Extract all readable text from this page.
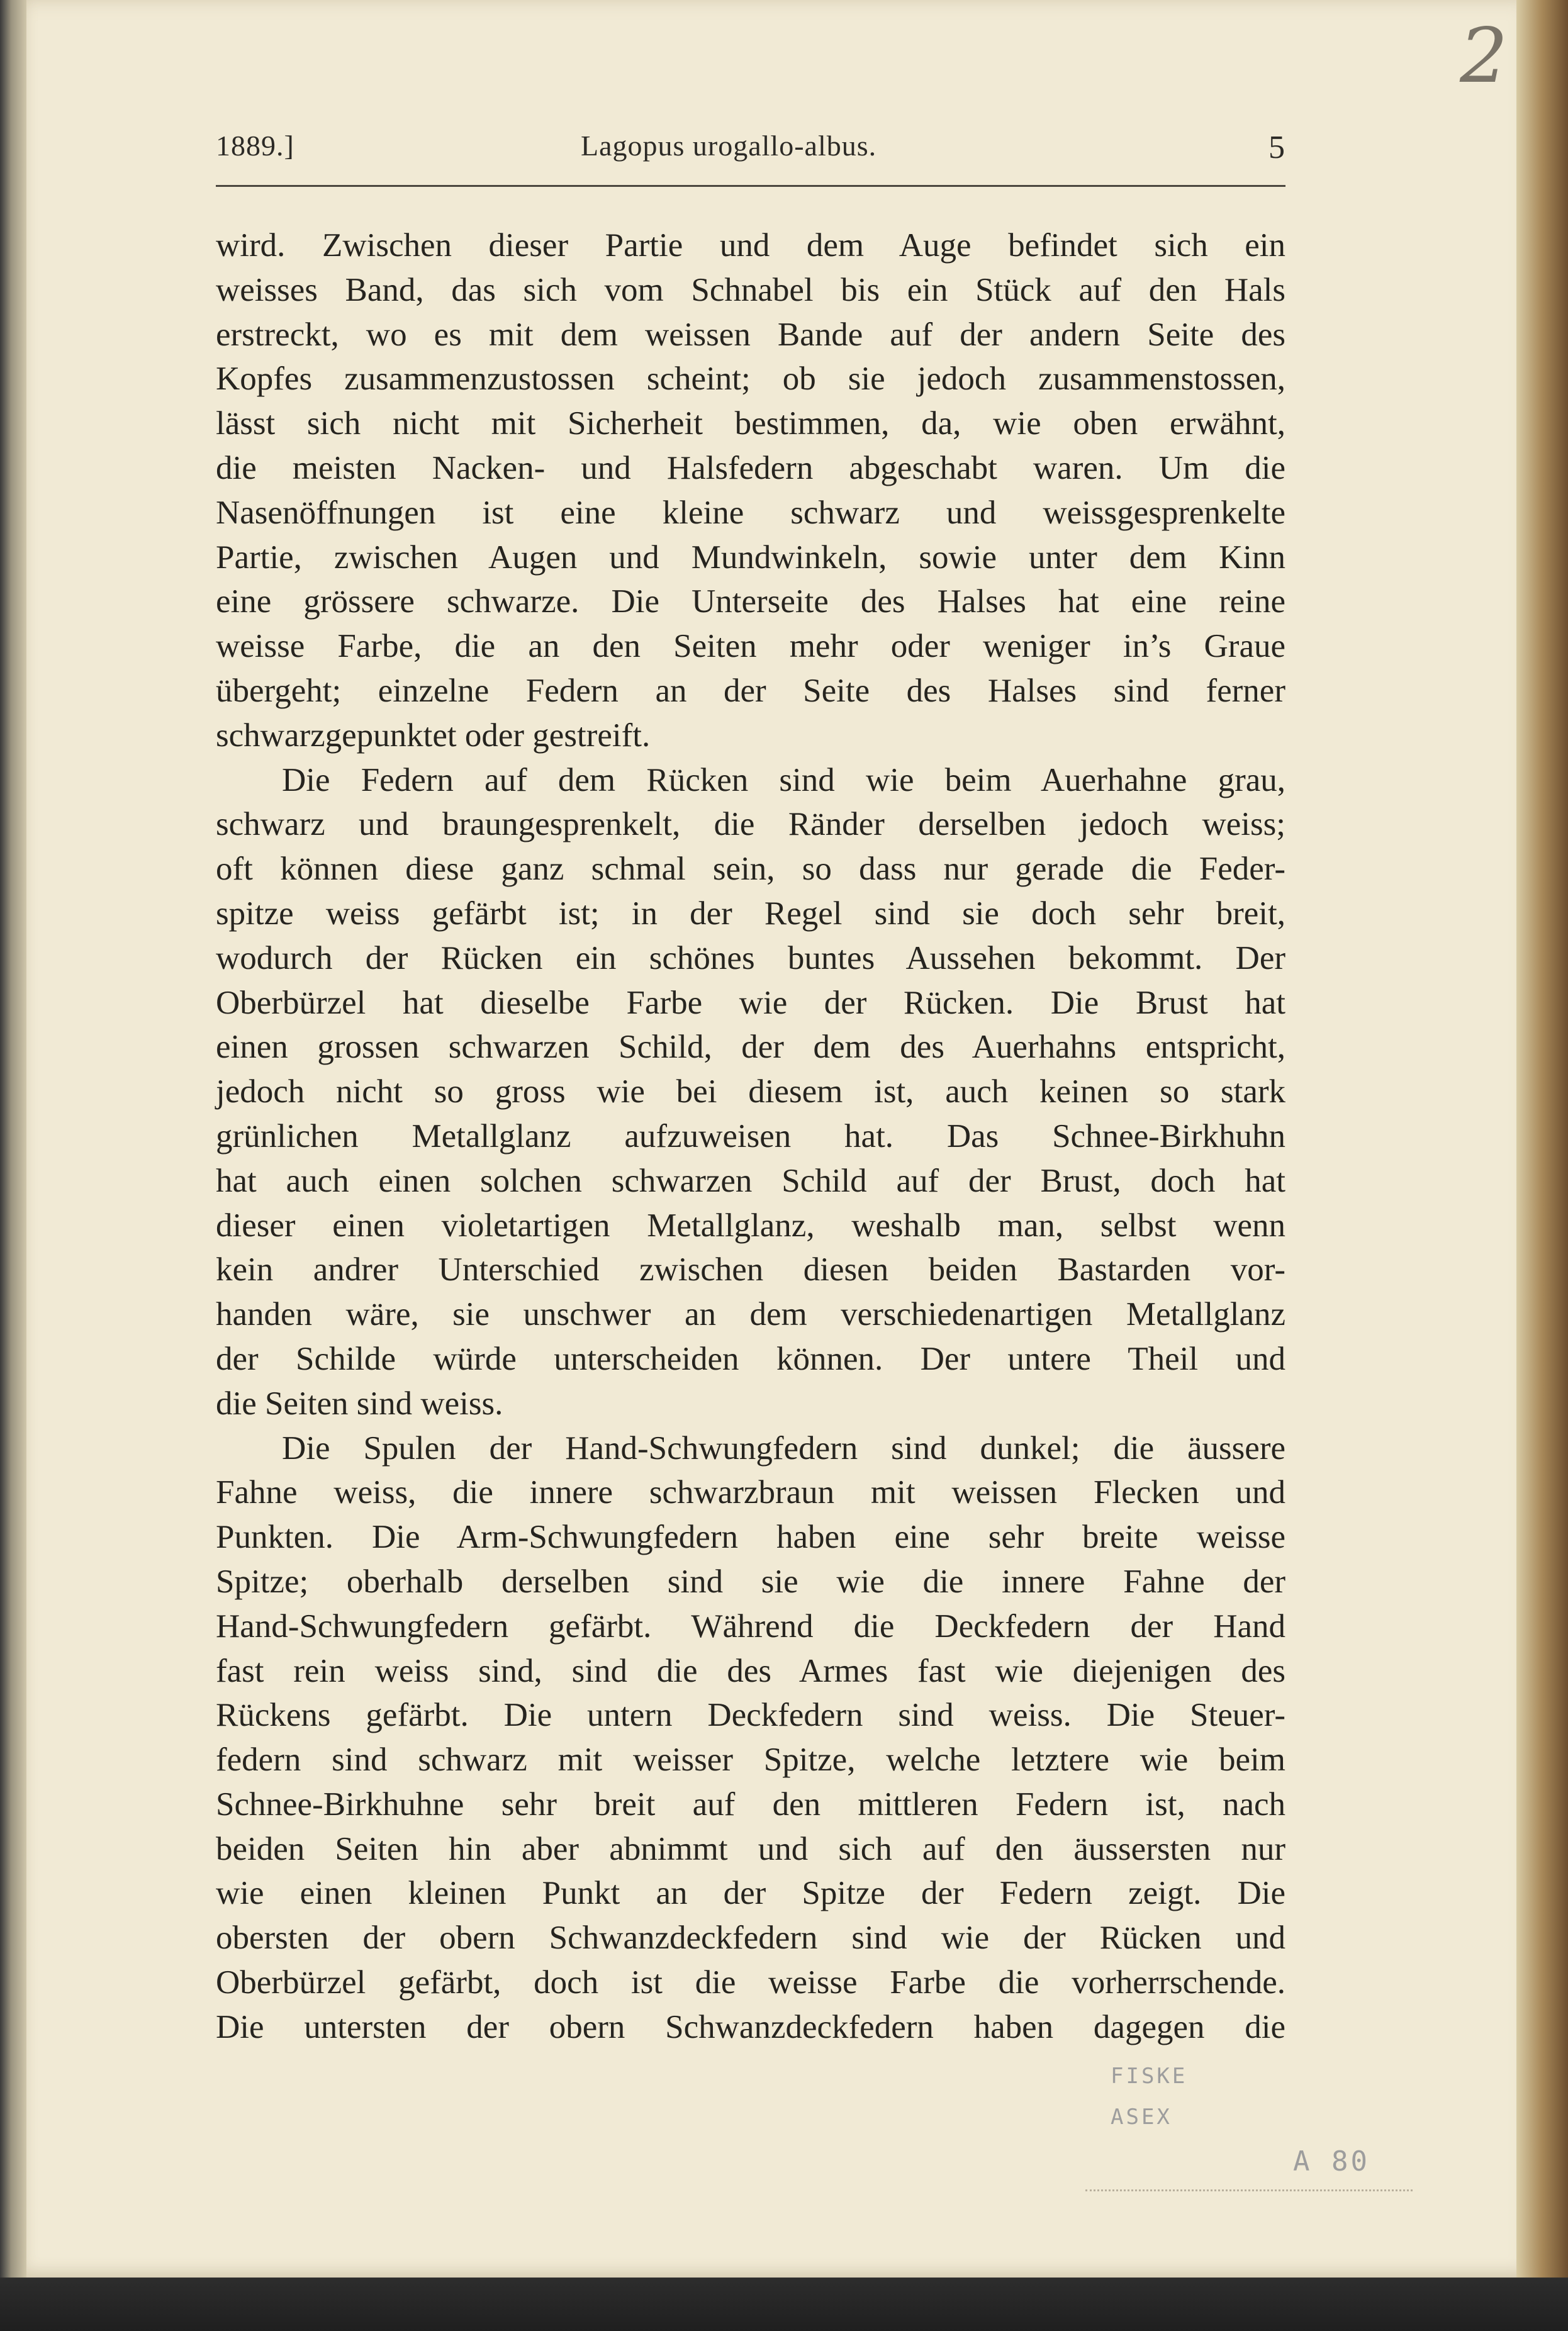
2
1889.]	Lagopus urogallo-albus.	5
wird. Zwischen dieser Partie und dem Auge befindet sich ein
weisses Band, das sich vom Schnabel bis ein Stück auf den Hals
erstreckt, wo es mit dem weissen Bande auf der andern Seite des
Kopfes zusammenzustossen scheint; ob sie jedoch zusammenstossen,
lässt sich nicht mit Sicherheit bestimmen, da, wie oben erwähnt,
die meisten Nacken- und Halsfedern abgeschabt waren. Um die
Nasenöffnungen ist eine kleine schwarz und weissgesprenkelte
Partie, zwischen Augen und Mundwinkeln, sowie unter dem Kinn
eine grössere schwarze. Die Unterseite des Halses hat eine reine
weisse Farbe, die an den Seiten mehr oder weniger in’s Graue
übergeht; einzelne Federn an der Seite des Halses sind ferner
schwarzgepunktet oder gestreift.
Die Federn auf dem Rücken sind wie beim Auerhahne grau,
schwarz und braungesprenkelt, die Ränder derselben jedoch weiss;
oft können diese ganz schmal sein, so dass nur gerade die Feder-
spitze weiss gefärbt ist; in der Regel sind sie doch sehr breit,
wodurch der Rücken ein schönes buntes Aussehen bekommt. Der
Oberbürzel hat dieselbe Farbe wie der Rücken. Die Brust hat
einen grossen schwarzen Schild, der dem des Auerhahns entspricht,
jedoch nicht so gross wie bei diesem ist, auch keinen so stark
grünlichen Metallglanz aufzuweisen hat. Das Schnee-Birkhuhn
hat auch einen solchen schwarzen Schild auf der Brust, doch hat
dieser einen violetartigen Metallglanz, weshalb man, selbst wenn
kein andrer Unterschied zwischen diesen beiden Bastarden vor-
handen wäre, sie unschwer an dem verschiedenartigen Metallglanz
der Schilde würde unterscheiden können. Der untere Theil und
die Seiten sind weiss.
Die Spulen der Hand-Schwungfedern sind dunkel; die äussere
Fahne weiss, die innere schwarzbraun mit weissen Flecken und
Punkten. Die Arm-Schwungfedern haben eine sehr breite weisse
Spitze; oberhalb derselben sind sie wie die innere Fahne der
Hand-Schwungfedern gefärbt. Während die Deckfedern der Hand
fast rein weiss sind, sind die des Armes fast wie diejenigen des
Rückens gefärbt. Die untern Deckfedern sind weiss. Die Steuer-
federn sind schwarz mit weisser Spitze, welche letztere wie beim
Schnee-Birkhuhne sehr breit auf den mittleren Federn ist, nach
beiden Seiten hin aber abnimmt und sich auf den äussersten nur
wie einen kleinen Punkt an der Spitze der Federn zeigt. Die
obersten der obern Schwanzdeckfedern sind wie der Rücken und
Oberbürzel gefärbt, doch ist die weisse Farbe die vorherrschende.
Die untersten der obern Schwanzdeckfedern haben dagegen die
FISKE
ASEX
A 80
